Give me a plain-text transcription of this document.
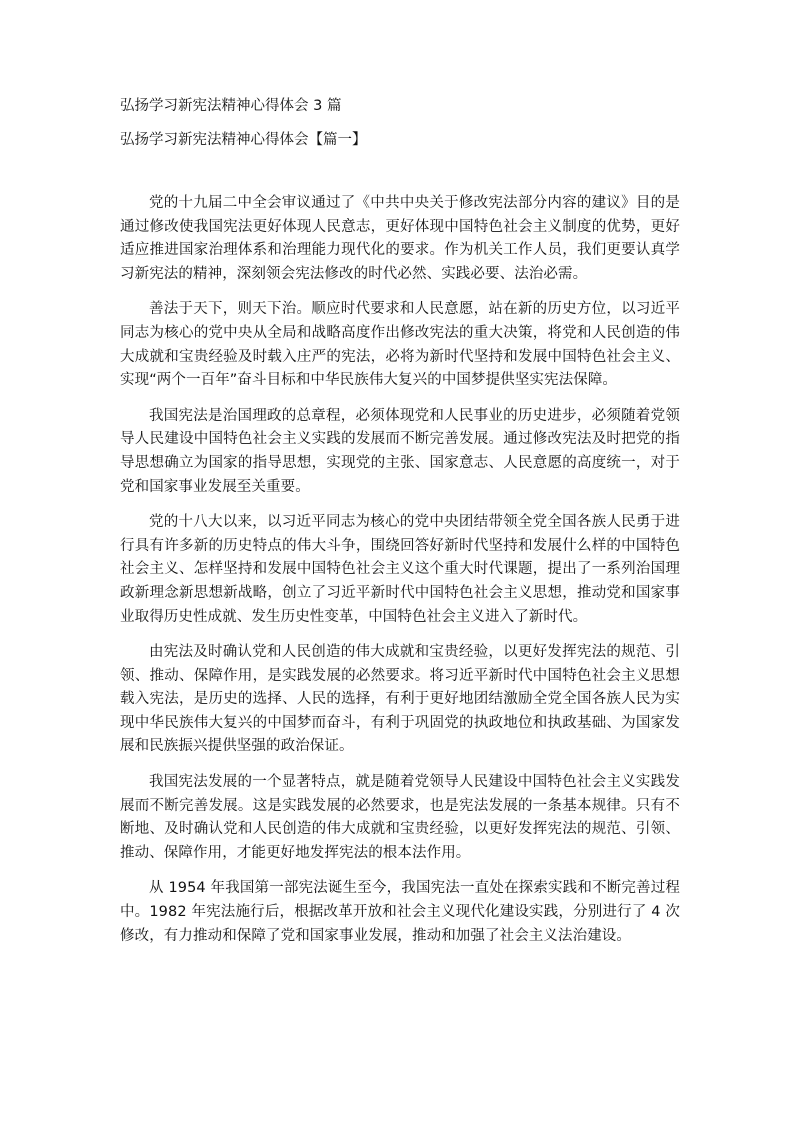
弘扬学习新宪法精神心得体会 3 篇
弘扬学习新宪法精神心得体会【篇一】

党的十九届二中全会审议通过了《中共中央关于修改宪法部分内容的建议》目的是通过修改使我国宪法更好体现人民意志，更好体现中国特色社会主义制度的优势，更好适应推进国家治理体系和治理能力现代化的要求。作为机关工作人员，我们更要认真学习新宪法的精神，深刻领会宪法修改的时代必然、实践必要、法治必需。

善法于天下，则天下治。顺应时代要求和人民意愿，站在新的历史方位，以习近平同志为核心的党中央从全局和战略高度作出修改宪法的重大决策，将党和人民创造的伟大成就和宝贵经验及时载入庄严的宪法，必将为新时代坚持和发展中国特色社会主义、实现“两个一百年”奋斗目标和中华民族伟大复兴的中国梦提供坚实宪法保障。

我国宪法是治国理政的总章程，必须体现党和人民事业的历史进步，必须随着党领导人民建设中国特色社会主义实践的发展而不断完善发展。通过修改宪法及时把党的指导思想确立为国家的指导思想，实现党的主张、国家意志、人民意愿的高度统一，对于党和国家事业发展至关重要。

党的十八大以来，以习近平同志为核心的党中央团结带领全党全国各族人民勇于进行具有许多新的历史特点的伟大斗争，围绕回答好新时代坚持和发展什么样的中国特色社会主义、怎样坚持和发展中国特色社会主义这个重大时代课题，提出了一系列治国理政新理念新思想新战略，创立了习近平新时代中国特色社会主义思想，推动党和国家事业取得历史性成就、发生历史性变革，中国特色社会主义进入了新时代。

由宪法及时确认党和人民创造的伟大成就和宝贵经验，以更好发挥宪法的规范、引领、推动、保障作用，是实践发展的必然要求。将习近平新时代中国特色社会主义思想载入宪法，是历史的选择、人民的选择，有利于更好地团结激励全党全国各族人民为实现中华民族伟大复兴的中国梦而奋斗，有利于巩固党的执政地位和执政基础、为国家发展和民族振兴提供坚强的政治保证。

我国宪法发展的一个显著特点，就是随着党领导人民建设中国特色社会主义实践发展而不断完善发展。这是实践发展的必然要求，也是宪法发展的一条基本规律。只有不断地、及时确认党和人民创造的伟大成就和宝贵经验，以更好发挥宪法的规范、引领、推动、保障作用，才能更好地发挥宪法的根本法作用。

从 1954 年我国第一部宪法诞生至今，我国宪法一直处在探索实践和不断完善过程中。1982 年宪法施行后，根据改革开放和社会主义现代化建设实践，分别进行了 4 次修改，有力推动和保障了党和国家事业发展，推动和加强了社会主义法治建设。
